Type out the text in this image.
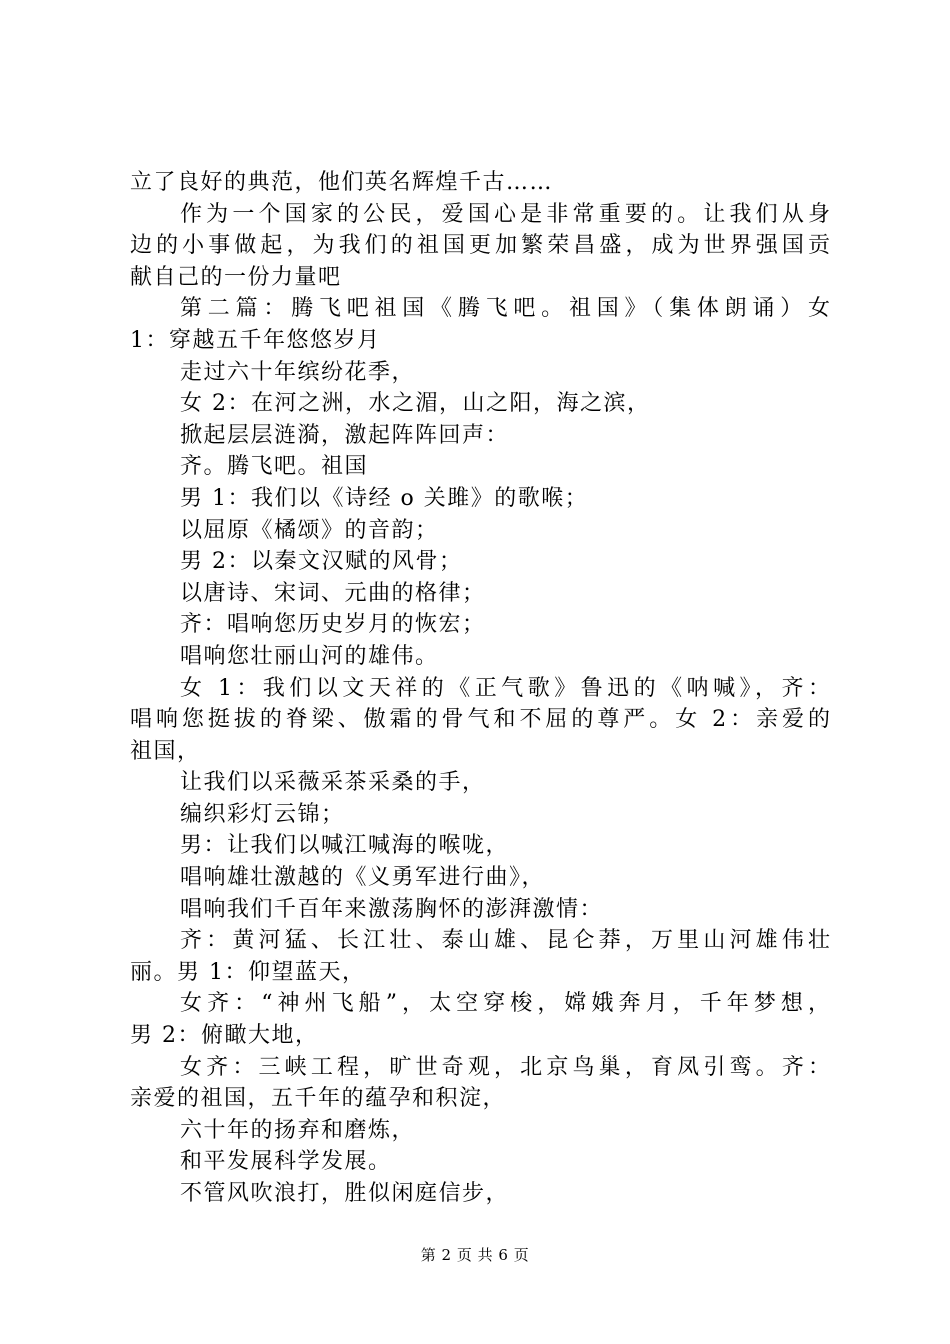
立了良好的典范，他们英名辉煌千古……
作为一个国家的公民，爱国心是非常重要的。让我们从身
边的小事做起，为我们的祖国更加繁荣昌盛，成为世界强国贡
献自己的一份力量吧
第二篇：腾飞吧祖国《腾飞吧。祖国》（集体朗诵）女
1：穿越五千年悠悠岁月
走过六十年缤纷花季，
女 2：在河之洲，水之湄，山之阳，海之滨，
掀起层层涟漪，激起阵阵回声：
齐。腾飞吧。祖国
男 1：我们以《诗经 o 关雎》的歌喉；
以屈原《橘颂》的音韵；
男 2：以秦文汉赋的风骨；
以唐诗、宋词、元曲的格律；
齐：唱响您历史岁月的恢宏；
唱响您壮丽山河的雄伟。
女 1：我们以文天祥的《正气歌》鲁迅的《呐喊》，齐：
唱响您挺拔的脊梁、傲霜的骨气和不屈的尊严。女 2：亲爱的
祖国，
让我们以采薇采茶采桑的手，
编织彩灯云锦；
男：让我们以喊江喊海的喉咙，
唱响雄壮激越的《义勇军进行曲》，
唱响我们千百年来激荡胸怀的澎湃激情：
齐：黄河猛、长江壮、泰山雄、昆仑莽，万里山河雄伟壮
丽。男 1：仰望蓝天，
女齐：“神州飞船”，太空穿梭，嫦娥奔月，千年梦想，
男 2：俯瞰大地，
女齐：三峡工程，旷世奇观，北京鸟巢，育凤引鸾。齐：
亲爱的祖国，五千年的蕴孕和积淀，
六十年的扬弃和磨炼，
和平发展科学发展。
不管风吹浪打，胜似闲庭信步，
第 2 页 共 6 页
